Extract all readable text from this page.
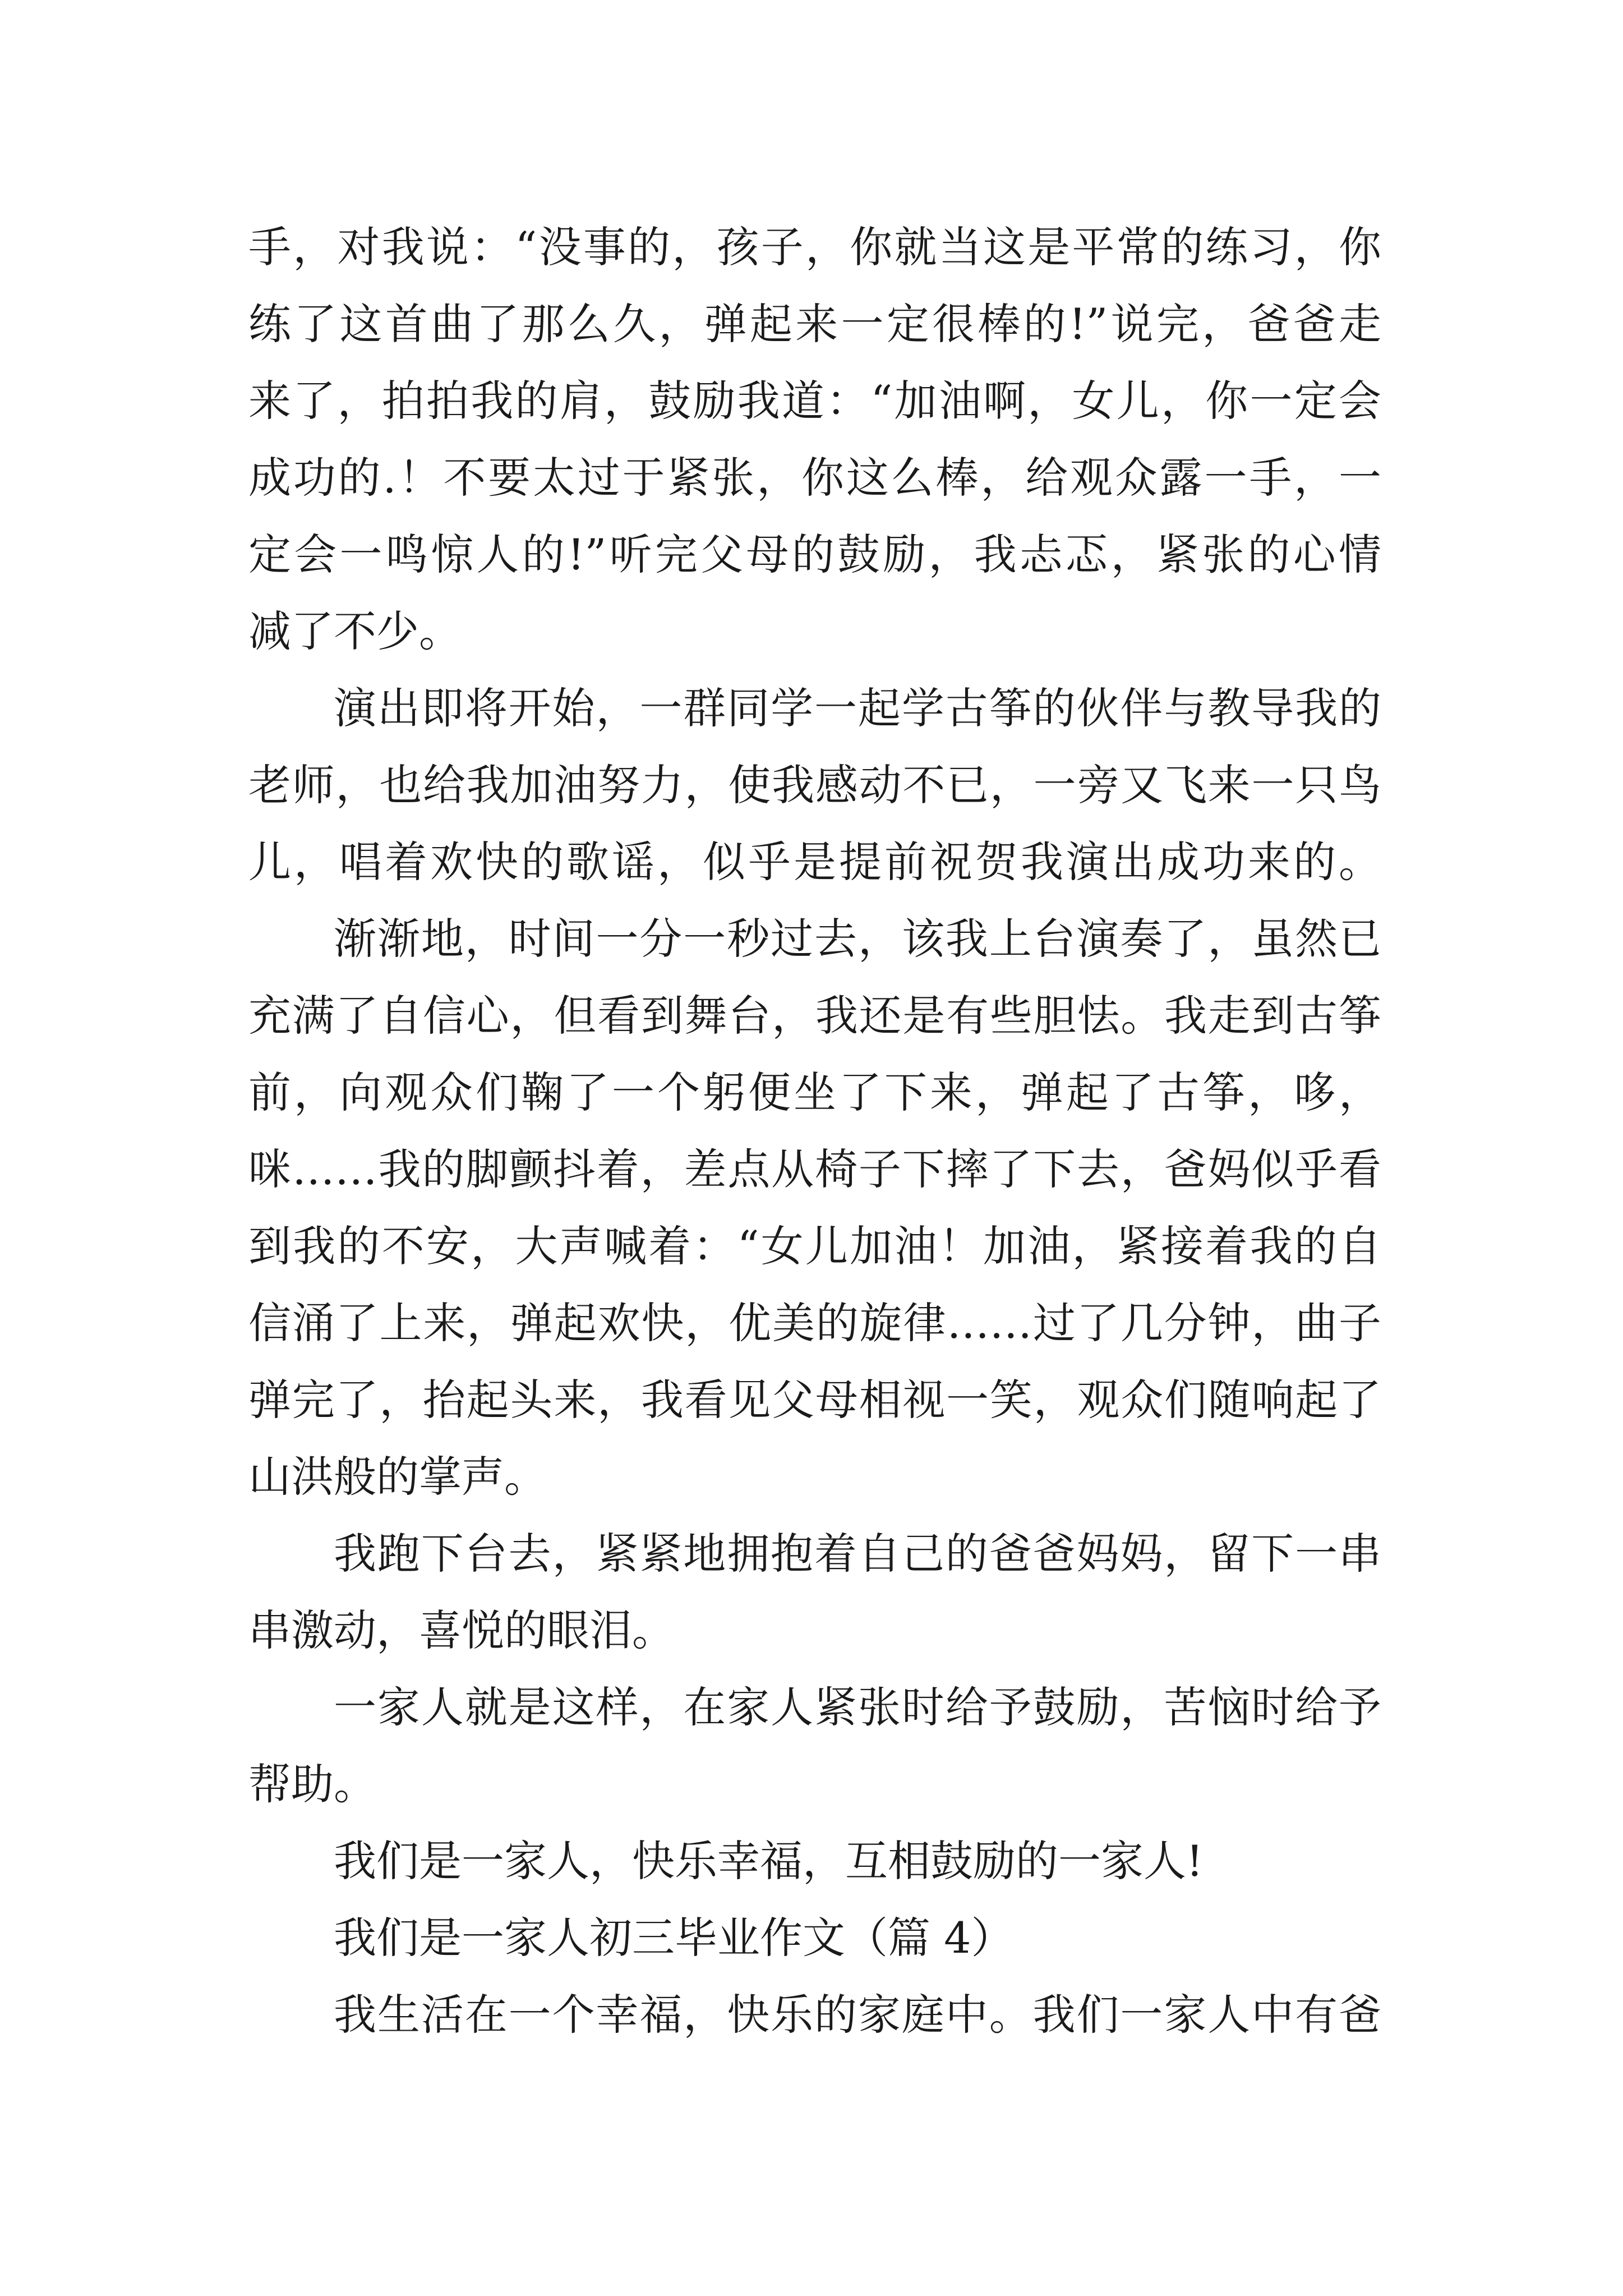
手，对我说：“没事的，孩子，你就当这是平常的练习，你
练了这首曲了那么久，弹起来一定很棒的!”说完，爸爸走
来了，拍拍我的肩，鼓励我道：“加油啊，女儿，你一定会
成功的.！不要太过于紧张，你这么棒，给观众露一手，一
定会一鸣惊人的!”听完父母的鼓励，我忐忑，紧张的心情
减了不少。
演出即将开始，一群同学一起学古筝的伙伴与教导我的
老师，也给我加油努力，使我感动不已，一旁又飞来一只鸟
儿，唱着欢快的歌谣，似乎是提前祝贺我演出成功来的。
渐渐地，时间一分一秒过去，该我上台演奏了，虽然已
充满了自信心，但看到舞台，我还是有些胆怯。我走到古筝
前，向观众们鞠了一个躬便坐了下来，弹起了古筝，哆，
咪……我的脚颤抖着，差点从椅子下摔了下去，爸妈似乎看
到我的不安，大声喊着：“女儿加油！加油，紧接着我的自
信涌了上来，弹起欢快，优美的旋律……过了几分钟，曲子
弹完了，抬起头来，我看见父母相视一笑，观众们随响起了
山洪般的掌声。
我跑下台去，紧紧地拥抱着自己的爸爸妈妈，留下一串
串激动，喜悦的眼泪。
一家人就是这样，在家人紧张时给予鼓励，苦恼时给予
帮助。
我们是一家人，快乐幸福，互相鼓励的一家人!
我们是一家人初三毕业作文（篇 4）
我生活在一个幸福，快乐的家庭中。我们一家人中有爸
